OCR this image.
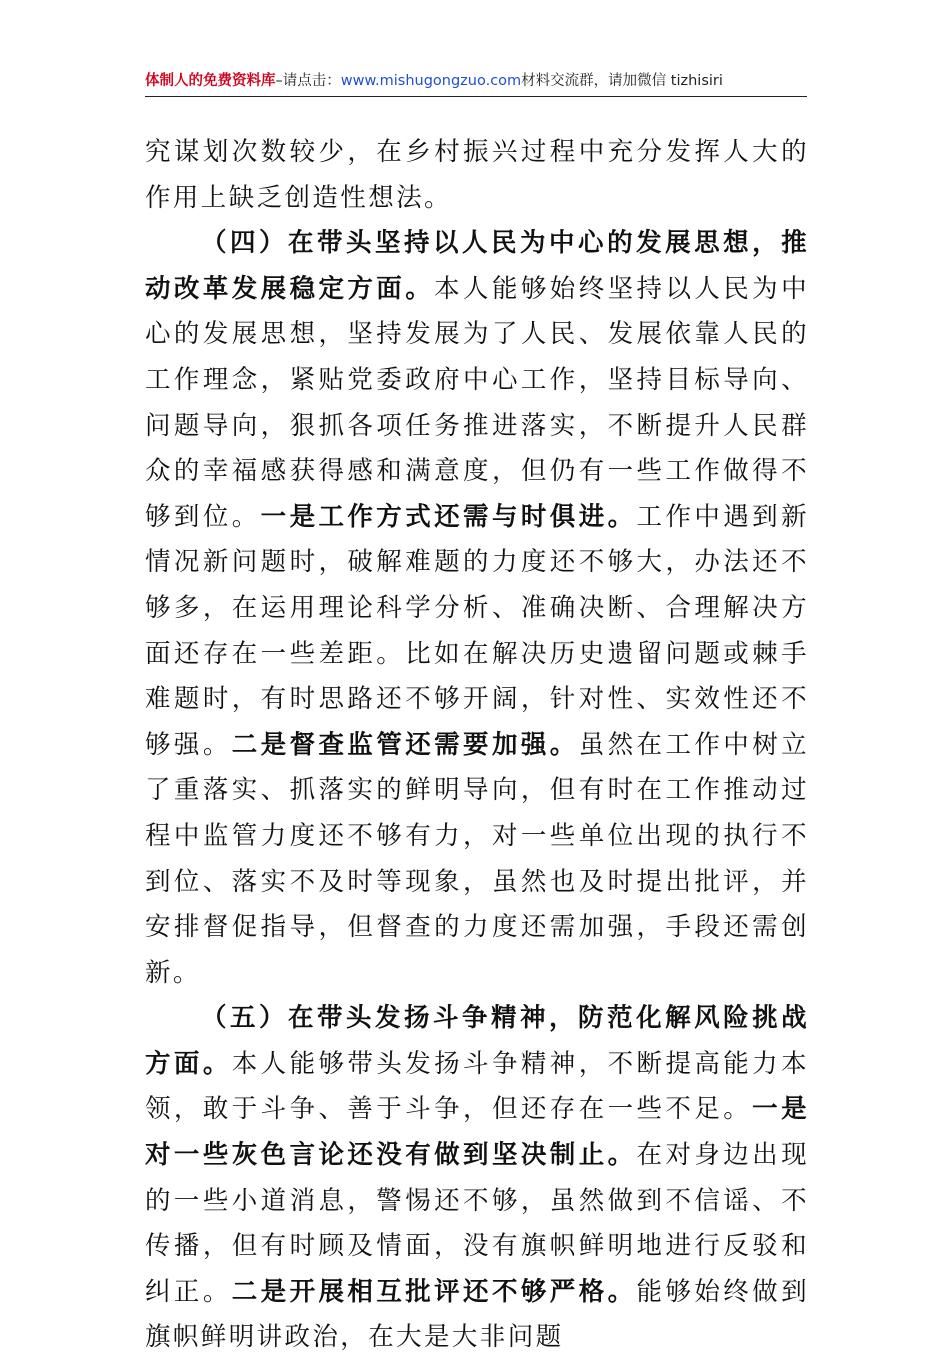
体制人的免费资料库–请点击：www.mishugongzuo.com材料交流群，请加微信 tizhisiri

究谋划次数较少，在乡村振兴过程中充分发挥人大的作用上缺乏创造性想法。

（四）在带头坚持以人民为中心的发展思想，推动改革发展稳定方面。本人能够始终坚持以人民为中心的发展思想，坚持发展为了人民、发展依靠人民的工作理念，紧贴党委政府中心工作，坚持目标导向、问题导向，狠抓各项任务推进落实，不断提升人民群众的幸福感获得感和满意度，但仍有一些工作做得不够到位。一是工作方式还需与时俱进。工作中遇到新情况新问题时，破解难题的力度还不够大，办法还不够多，在运用理论科学分析、准确决断、合理解决方面还存在一些差距。比如在解决历史遗留问题或棘手难题时，有时思路还不够开阔，针对性、实效性还不够强。二是督查监管还需要加强。虽然在工作中树立了重落实、抓落实的鲜明导向，但有时在工作推动过程中监管力度还不够有力，对一些单位出现的执行不到位、落实不及时等现象，虽然也及时提出批评，并安排督促指导，但督查的力度还需加强，手段还需创新。

（五）在带头发扬斗争精神，防范化解风险挑战方面。本人能够带头发扬斗争精神，不断提高能力本领，敢于斗争、善于斗争，但还存在一些不足。一是对一些灰色言论还没有做到坚决制止。在对身边出现的一些小道消息，警惕还不够，虽然做到不信谣、不传播，但有时顾及情面，没有旗帜鲜明地进行反驳和纠正。二是开展相互批评还不够严格。能够始终做到旗帜鲜明讲政治，在大是大非问题
